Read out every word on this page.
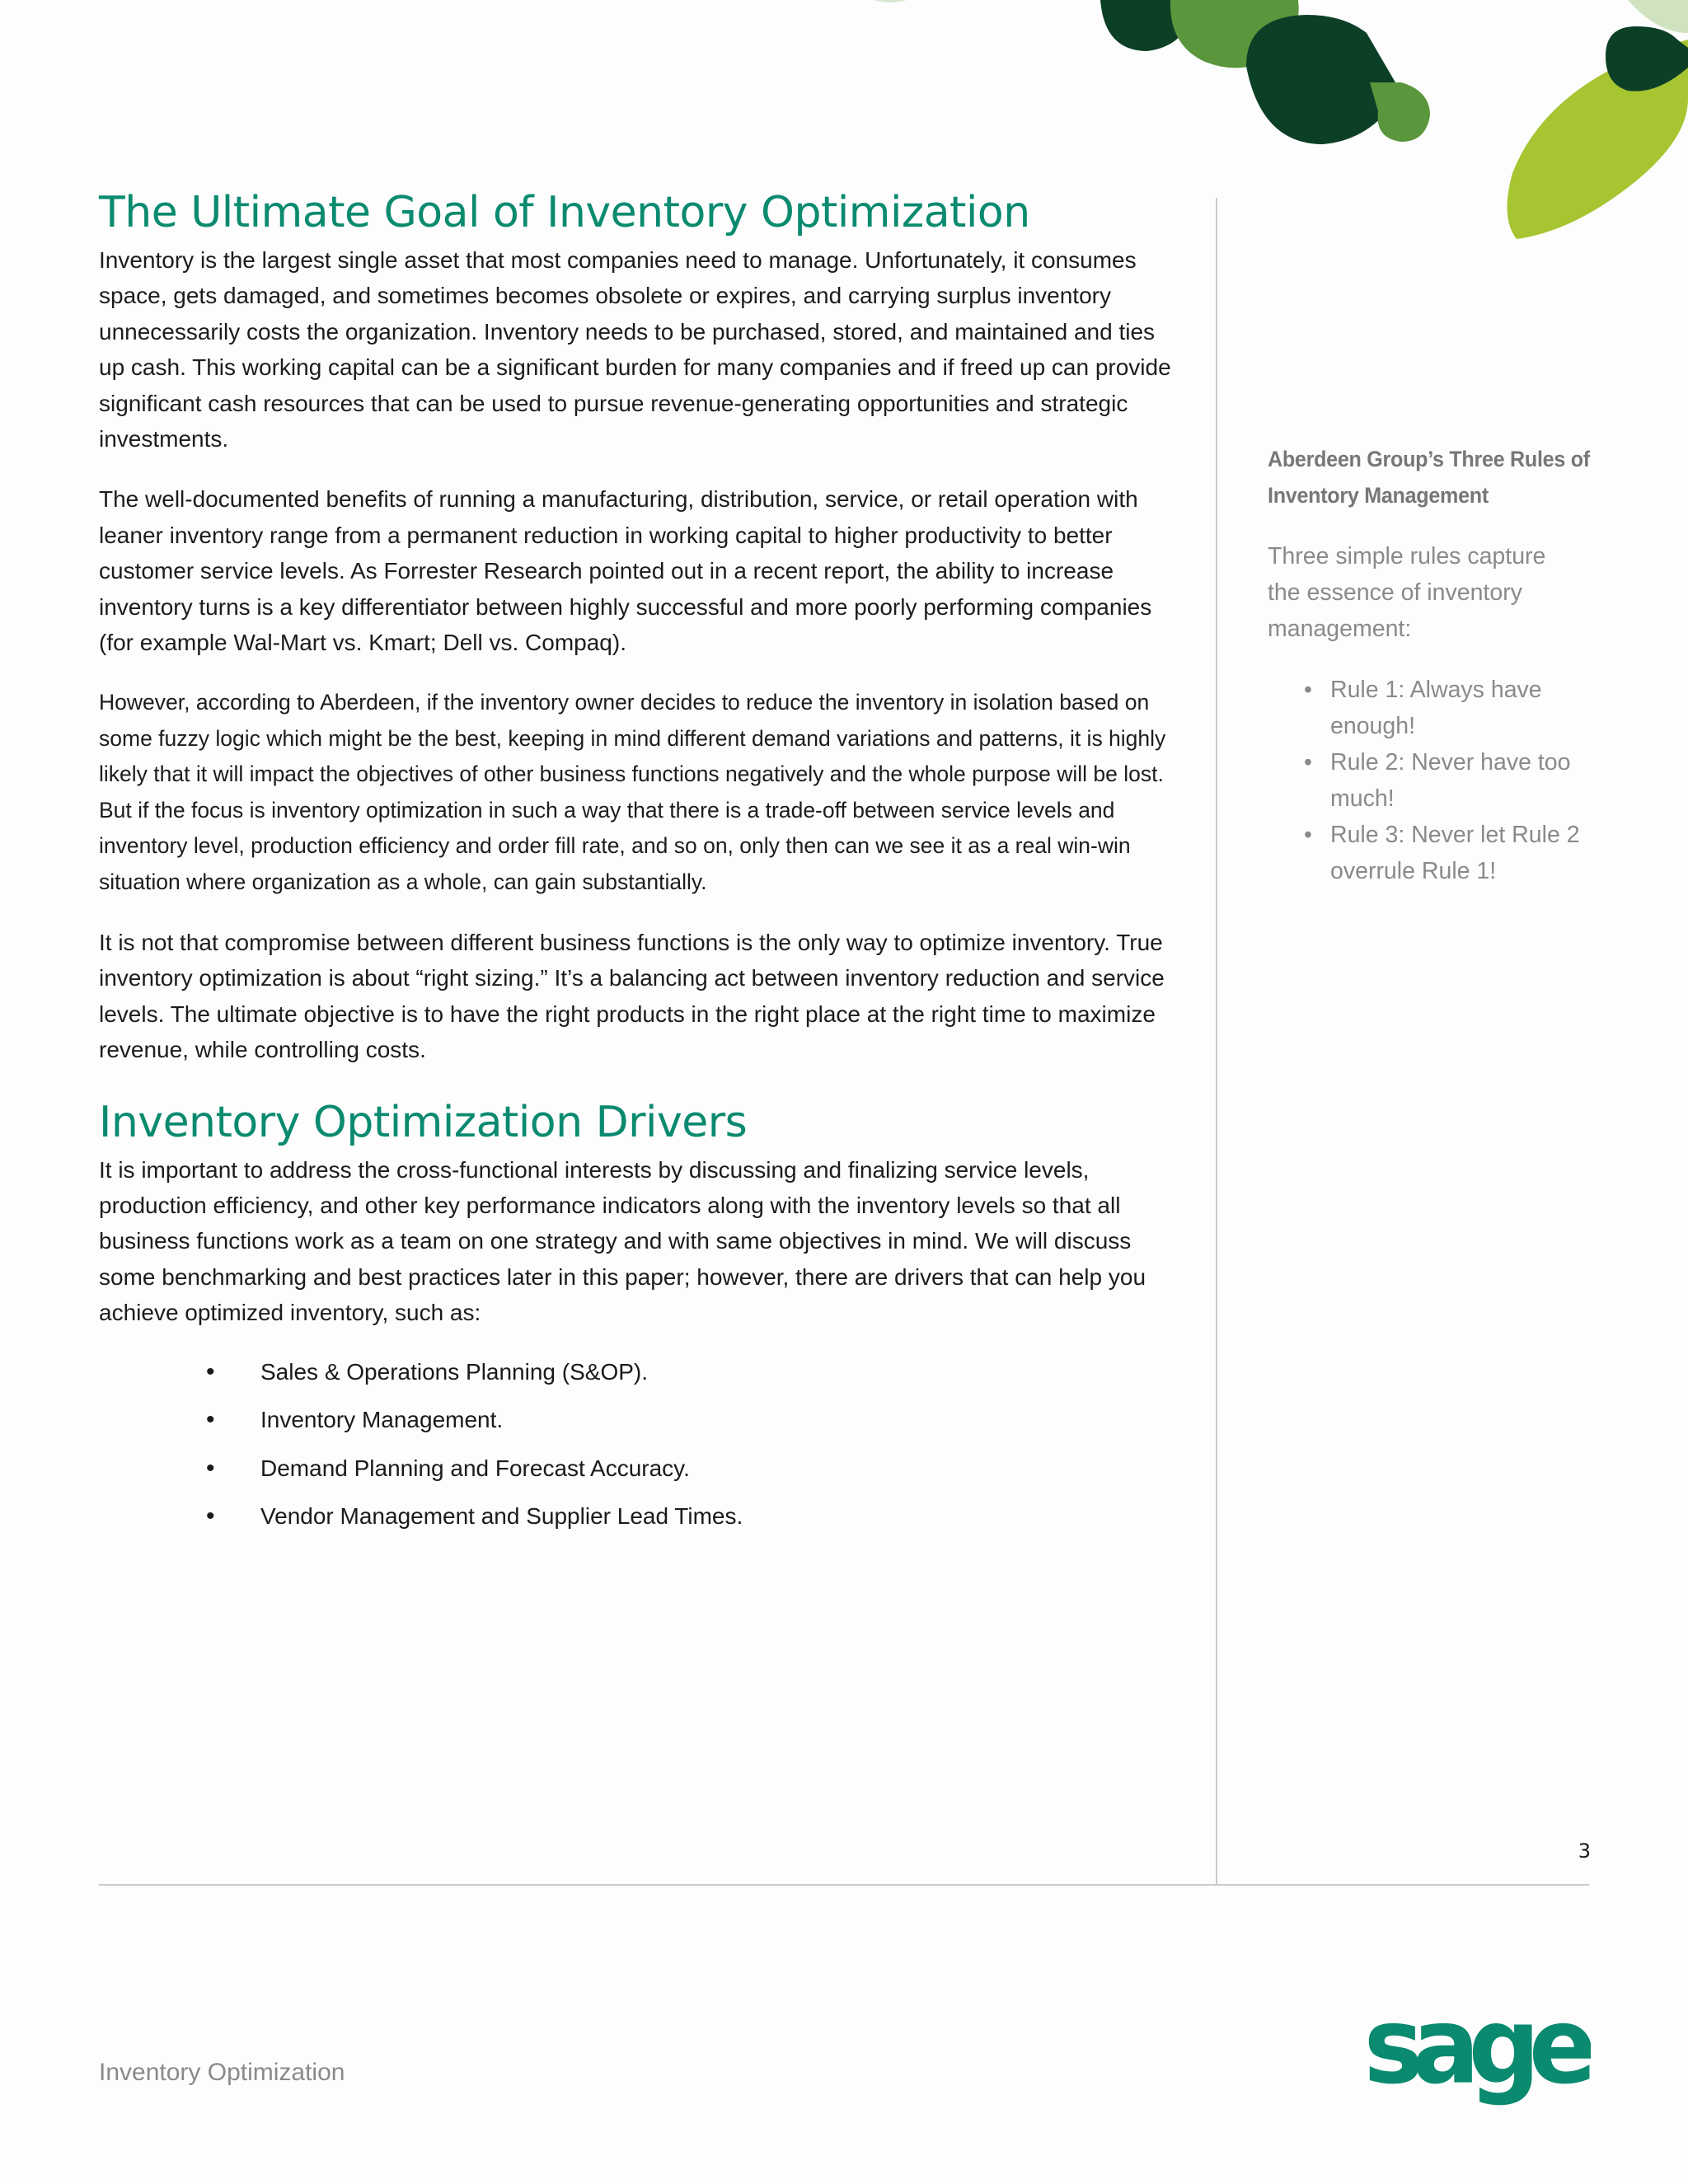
The Ultimate Goal of Inventory Optimization

Inventory is the largest single asset that most companies need to manage. Unfortunately, it consumes space, gets damaged, and sometimes becomes obsolete or expires, and carrying surplus inventory unnecessarily costs the organization. Inventory needs to be purchased, stored, and maintained and ties up cash. This working capital can be a significant burden for many companies and if freed up can provide significant cash resources that can be used to pursue revenue-generating opportunities and strategic investments.

The well-documented benefits of running a manufacturing, distribution, service, or retail operation with leaner inventory range from a permanent reduction in working capital to higher productivity to better customer service levels. As Forrester Research pointed out in a recent report, the ability to increase inventory turns is a key differentiator between highly successful and more poorly performing companies (for example Wal-Mart vs. Kmart; Dell vs. Compaq).

However, according to Aberdeen, if the inventory owner decides to reduce the inventory in isolation based on some fuzzy logic which might be the best, keeping in mind different demand variations and patterns, it is highly likely that it will impact the objectives of other business functions negatively and the whole purpose will be lost. But if the focus is inventory optimization in such a way that there is a trade-off between service levels and inventory level, production efficiency and order fill rate, and so on, only then can we see it as a real win-win situation where organization as a whole, can gain substantially.

It is not that compromise between different business functions is the only way to optimize inventory. True inventory optimization is about “right sizing.” It’s a balancing act between inventory reduction and service levels. The ultimate objective is to have the right products in the right place at the right time to maximize revenue, while controlling costs.

Inventory Optimization Drivers

It is important to address the cross-functional interests by discussing and finalizing service levels, production efficiency, and other key performance indicators along with the inventory levels so that all business functions work as a team on one strategy and with same objectives in mind. We will discuss some benchmarking and best practices later in this paper; however, there are drivers that can help you achieve optimized inventory, such as:

• Sales & Operations Planning (S&OP).
• Inventory Management.
• Demand Planning and Forecast Accuracy.
• Vendor Management and Supplier Lead Times.
Aberdeen Group’s Three Rules of
Inventory Management
Three simple rules capture
the essence of inventory
management:
• Rule 1: Always have
enough!
• Rule 2: Never have too
much!
• Rule 3: Never let Rule 2
overrule Rule 1!
3
Inventory Optimization	sage
